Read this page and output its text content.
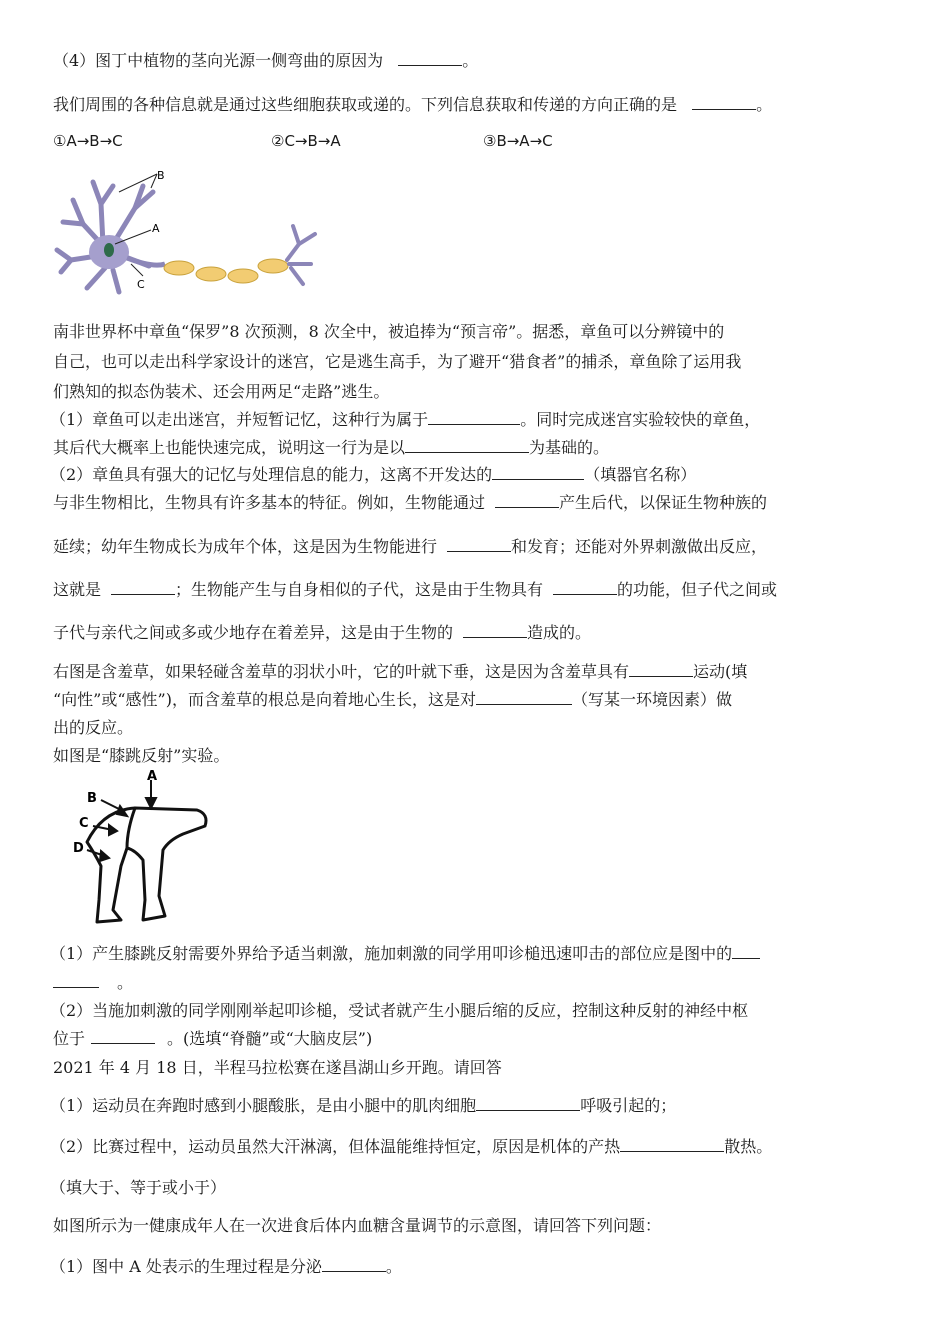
（4）图丁中植物的茎向光源一侧弯曲的原因为	。
我们周围的各种信息就是通过这些细胞获取或递的。下列信息获取和传递的方向正确的是	。
①A→B→C	②C→B→A	③B→A→C
B
A
C
南非世界杯中章鱼“保罗”8 次预测，8 次全中，被追捧为“预言帝”。据悉，章鱼可以分辨镜中的
自己，也可以走出科学家设计的迷宫，它是逃生高手，为了避开“猎食者”的捕杀，章鱼除了运用我
们熟知的拟态伪装术、还会用两足“走路”逃生。
（1）章鱼可以走出迷宫，并短暂记忆，这种行为属于	。同时完成迷宫实验较快的章鱼，
其后代大概率上也能快速完成，说明这一行为是以	为基础的。
（2）章鱼具有强大的记忆与处理信息的能力，这离不开发达的	（填器官名称）
与非生物相比，生物具有许多基本的特征。例如，生物能通过	产生后代，以保证生物种族的
延续；幼年生物成长为成年个体，这是因为生物能进行	和发育；还能对外界刺激做出反应，
这就是	；生物能产生与自身相似的子代，这是由于生物具有	的功能，但子代之间或
子代与亲代之间或多或少地存在着差异，这是由于生物的	造成的。
右图是含羞草，如果轻碰含羞草的羽状小叶，它的叶就下垂，这是因为含羞草具有	运动(填
“向性”或“感性”)，而含羞草的根总是向着地心生长，这是对	（写某一环境因素）做
出的反应。
如图是“膝跳反射”实验。
A
B
C
D
（1）产生膝跳反射需要外界给予适当刺激，施加刺激的同学用叩诊槌迅速叩击的部位应是图中的
。
（2）当施加刺激的同学刚刚举起叩诊槌，受试者就产生小腿后缩的反应，控制这种反射的神经中枢
位于	。(选填“脊髓”或“大脑皮层”)
2021 年 4 月 18 日，半程马拉松赛在遂昌湖山乡开跑。请回答
（1）运动员在奔跑时感到小腿酸胀，是由小腿中的肌肉细胞	呼吸引起的；
（2）比赛过程中，运动员虽然大汗淋漓，但体温能维持恒定，原因是机体的产热	散热。
（填大于、等于或小于）
如图所示为一健康成年人在一次进食后体内血糖含量调节的示意图，请回答下列问题：
（1）图中 A 处表示的生理过程是分泌	。
